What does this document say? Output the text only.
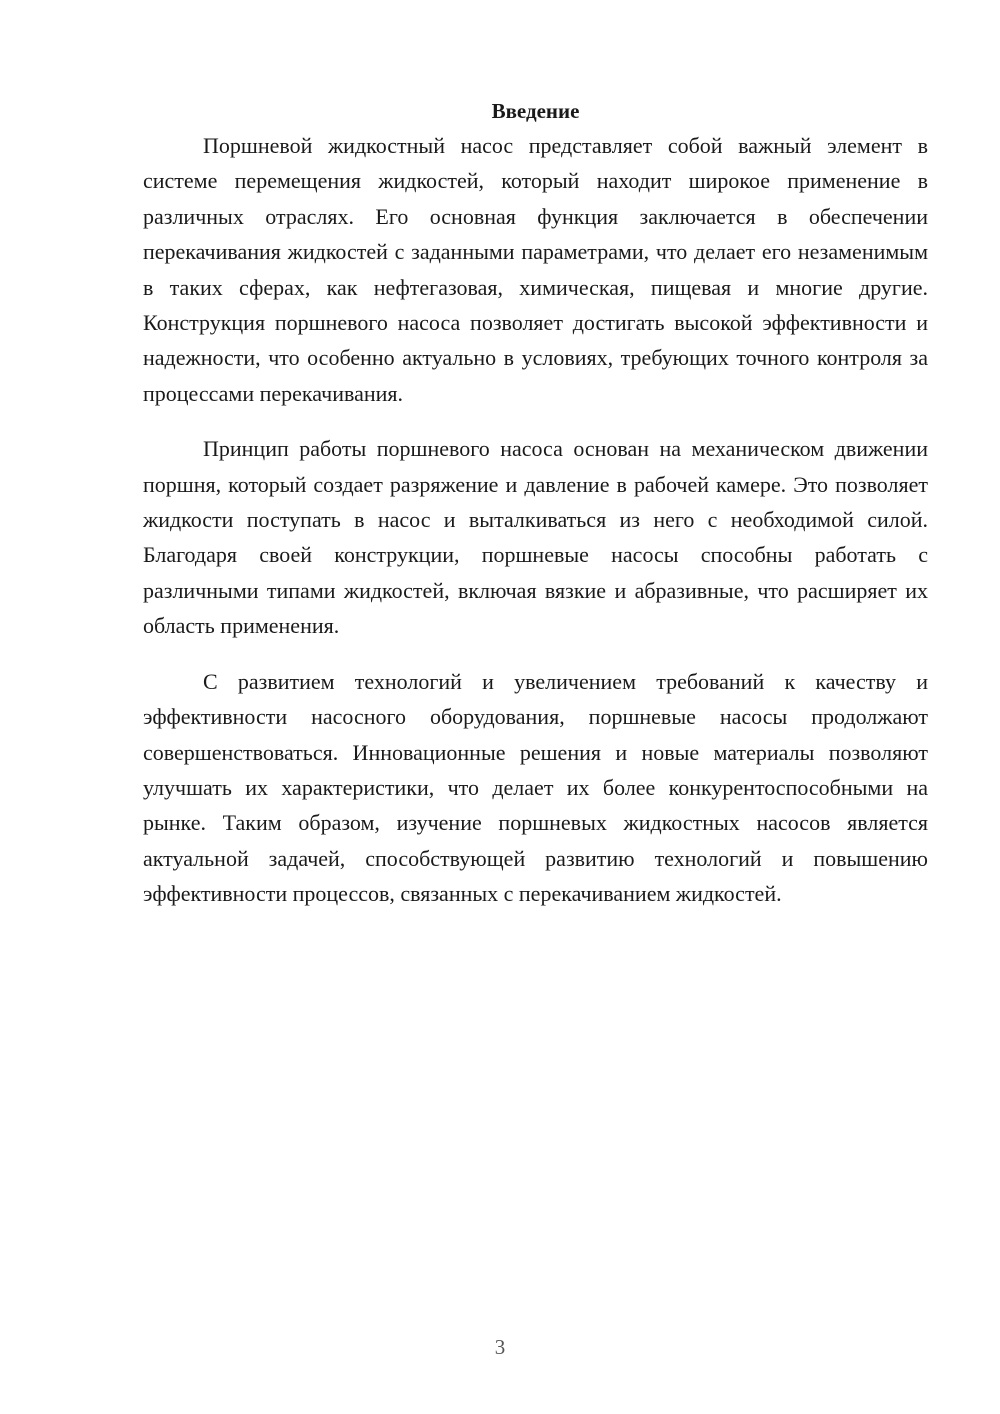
Введение

Поршневой жидкостный насос представляет собой важный элемент в системе перемещения жидкостей, который находит широкое применение в различных отраслях. Его основная функция заключается в обеспечении перекачивания жидкостей с заданными параметрами, что делает его незаменимым в таких сферах, как нефтегазовая, химическая, пищевая и многие другие. Конструкция поршневого насоса позволяет достигать высокой эффективности и надежности, что особенно актуально в условиях, требующих точного контроля за процессами перекачивания.

Принцип работы поршневого насоса основан на механическом движении поршня, который создает разряжение и давление в рабочей камере. Это позволяет жидкости поступать в насос и выталкиваться из него с необходимой силой. Благодаря своей конструкции, поршневые насосы способны работать с различными типами жидкостей, включая вязкие и абразивные, что расширяет их область применения.

С развитием технологий и увеличением требований к качеству и эффективности насосного оборудования, поршневые насосы продолжают совершенствоваться. Инновационные решения и новые материалы позволяют улучшать их характеристики, что делает их более конкурентоспособными на рынке. Таким образом, изучение поршневых жидкостных насосов является актуальной задачей, способствующей развитию технологий и повышению эффективности процессов, связанных с перекачиванием жидкостей.

3
